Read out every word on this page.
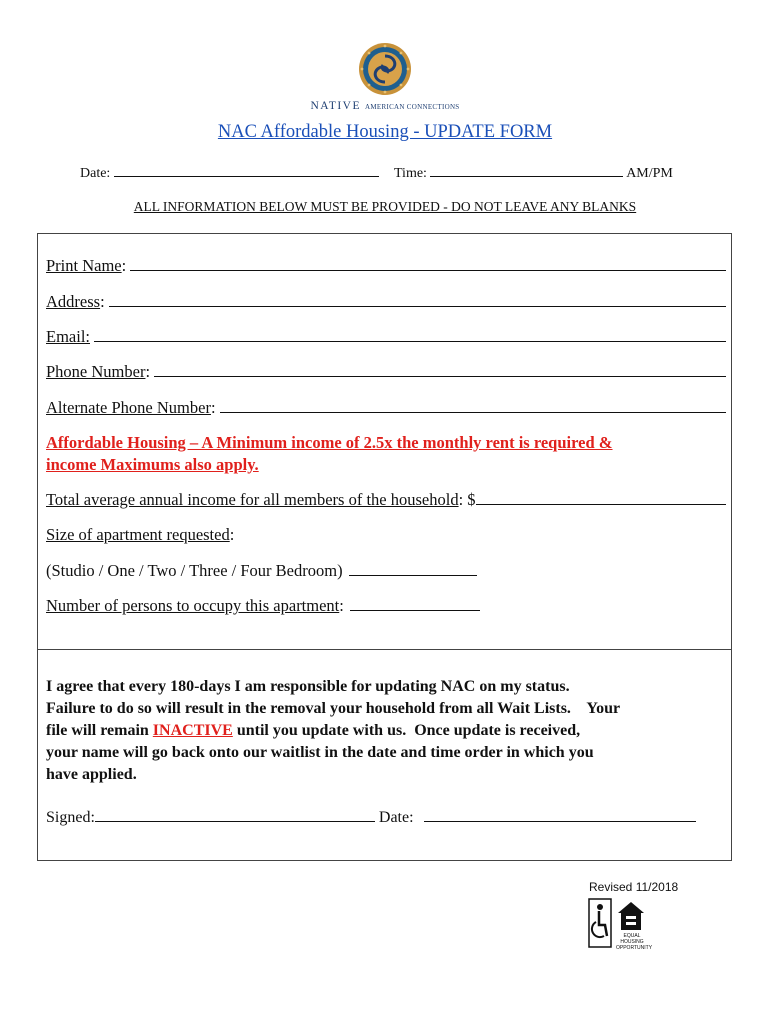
NATIVE AMERICAN CONNECTIONS
NAC Affordable Housing - UPDATE FORM
Date:	Time:	AM/PM
ALL INFORMATION BELOW MUST BE PROVIDED - DO NOT LEAVE ANY BLANKS
Print Name :
Address :
Email:
Phone Number :
Alternate Phone Number :
Affordable Housing – A Minimum income of 2.5x the monthly rent is required &
income Maximums also apply.
Total average annual income for all members of the household : $
Size of apartment requested :
(Studio / One / Two / Three / Four Bedroom)
Number of persons to occupy this apartment :
I agree that every 180-days I am responsible for updating NAC on my status.
Failure to do so will result in the removal your household from all Wait Lists.    Your
file will remain INACTIVE until you update with us.  Once update is received,
your name will go back onto our waitlist in the date and time order in which you
have applied.
Signed:	Date:
Revised 11/2018
EQUAL HOUSING
OPPORTUNITY
